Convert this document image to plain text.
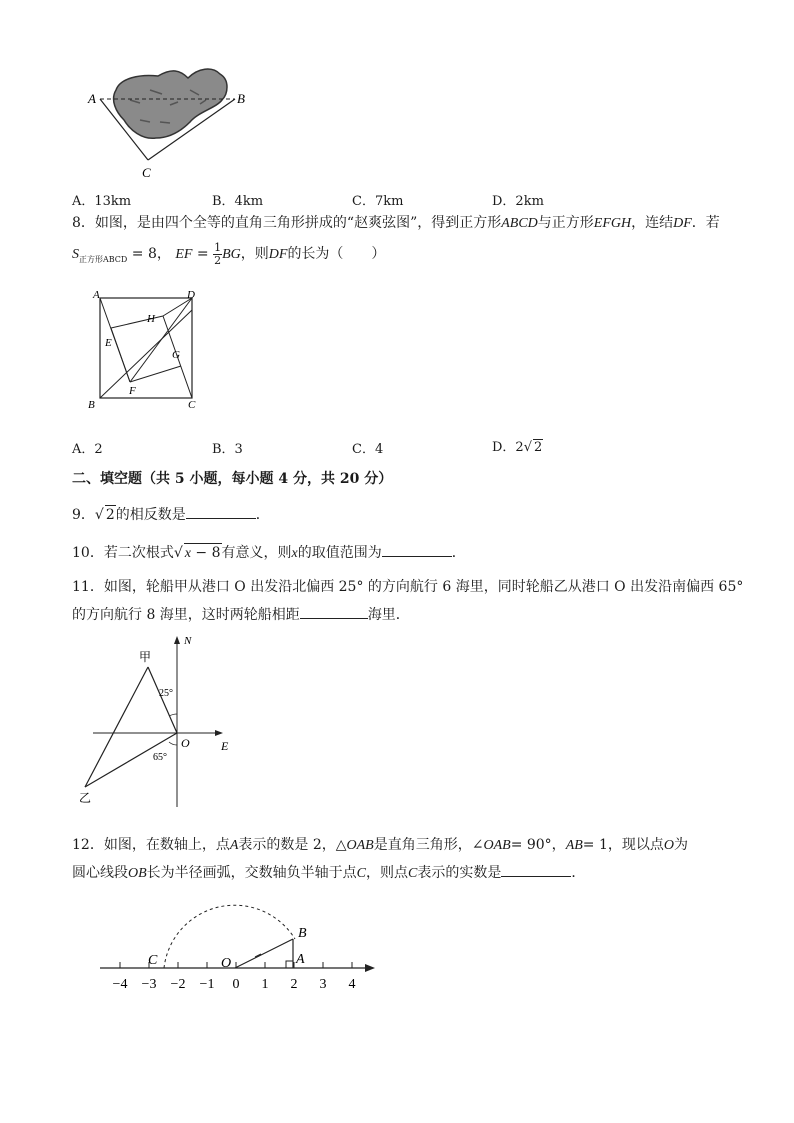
A	B
C
A．13km	B．4km	C．7km	D．2km
8．如图，是由四个全等的直角三角形拼成的“赵爽弦图”，得到正方形ABCD与正方形EFGH，连结DF．若
$S_{正方形ABCD} = 8$， EF = $\frac{1}{2}$ BG，则DF的长为（　　）
A	D
H
E
G
F
B	C
A．2	B．3	C．4	D．2√ 2
二、填空题（共 5 小题，每小题 4 分，共 20 分）
9．√ 2的相反数是	．
10．若二次根式√ x − 8有意义，则x的取值范围为	．
11．如图，轮船甲从港口 O 出发沿北偏西 25° 的方向航行 6 海里，同时轮船乙从港口 O 出发沿南偏西 65°
的方向航行 8 海里，这时两轮船相距	海里．
N
甲
乙
O	E
25°
65°
12．如图，在数轴上，点A表示的数是 2，△OAB是直角三角形，∠OAB= 90°，AB= 1，现以点O为
圆心线段OB长为半径画弧，交数轴负半轴于点C，则点C表示的实数是	．
−4 −3 −2 −1 0 1 2 3 4
B
C	O	A
